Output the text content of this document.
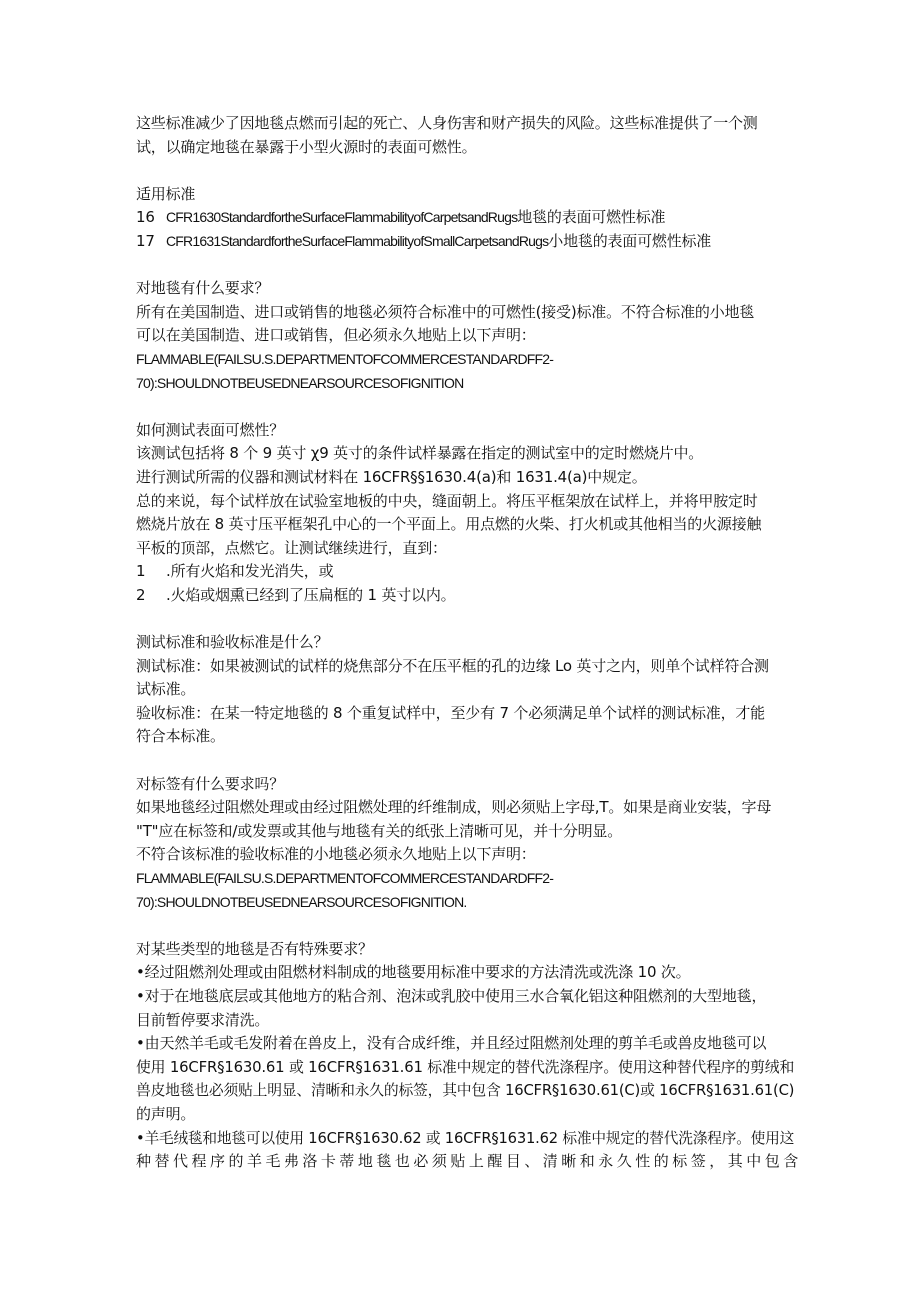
这些标准减少了因地毯点燃而引起的死亡、人身伤害和财产损失的风险。这些标准提供了一个测
试，以确定地毯在暴露于小型火源时的表面可燃性。
适用标准
16 CFR1630StandardfortheSurfaceFlammabilityofCarpetsandRugs地毯的表面可燃性标准
17 CFR1631StandardfortheSurfaceFlammabilityofSmallCarpetsandRugs小地毯的表面可燃性标准
对地毯有什么要求？
所有在美国制造、进口或销售的地毯必须符合标准中的可燃性(接受)标准。不符合标准的小地毯
可以在美国制造、进口或销售，但必须永久地贴上以下声明：
FLAMMABLE(FAILSU.S.DEPARTMENTOFCOMMERCESTANDARDFF2-
70):SHOULDNOTBEUSEDNEARSOURCESOFIGNITION
如何测试表面可燃性？
该测试包括将 8 个 9 英寸 χ9 英寸的条件试样暴露在指定的测试室中的定时燃烧片中。
进行测试所需的仪器和测试材料在 16CFR§§1630.4(a)和 1631.4(a)中规定。
总的来说，每个试样放在试验室地板的中央，缝面朝上。将压平框架放在试样上，并将甲胺定时
燃烧片放在 8 英寸压平框架孔中心的一个平面上。用点燃的火柴、打火机或其他相当的火源接触
平板的顶部，点燃它。让测试继续进行，直到：
1 .所有火焰和发光消失，或
2 .火焰或烟熏已经到了压扁框的 1 英寸以内。
测试标准和验收标准是什么？
测试标准：如果被测试的试样的烧焦部分不在压平框的孔的边缘 Lo 英寸之内，则单个试样符合测
试标准。
验收标准：在某一特定地毯的 8 个重复试样中，至少有 7 个必须满足单个试样的测试标准，才能
符合本标准。
对标签有什么要求吗？
如果地毯经过阻燃处理或由经过阻燃处理的纤维制成，则必须贴上字母,T。如果是商业安装，字母
"T"应在标签和/或发票或其他与地毯有关的纸张上清晰可见，并十分明显。
不符合该标准的验收标准的小地毯必须永久地贴上以下声明：
FLAMMABLE(FAILSU.S.DEPARTMENTOFCOMMERCESTANDARDFF2-
70):SHOULDNOTBEUSEDNEARSOURCESOFIGNITION.
对某些类型的地毯是否有特殊要求？
•经过阻燃剂处理或由阻燃材料制成的地毯要用标准中要求的方法清洗或洗涤 10 次。
•对于在地毯底层或其他地方的粘合剂、泡沫或乳胶中使用三水合氧化铝这种阻燃剂的大型地毯，
目前暂停要求清洗。
•由天然羊毛或毛发附着在兽皮上，没有合成纤维，并且经过阻燃剂处理的剪羊毛或兽皮地毯可以
使用 16CFR§1630.61 或 16CFR§1631.61 标准中规定的替代洗涤程序。使用这种替代程序的剪绒和
兽皮地毯也必须贴上明显、清晰和永久的标签，其中包含 16CFR§1630.61(C)或 16CFR§1631.61(C)
的声明。
•羊毛绒毯和地毯可以使用 16CFR§1630.62 或 16CFR§1631.62 标准中规定的替代洗涤程序。使用这
种替代程序的羊毛弗洛卡蒂地毯也必须贴上醒目、清晰和永久性的标签，其中包含
